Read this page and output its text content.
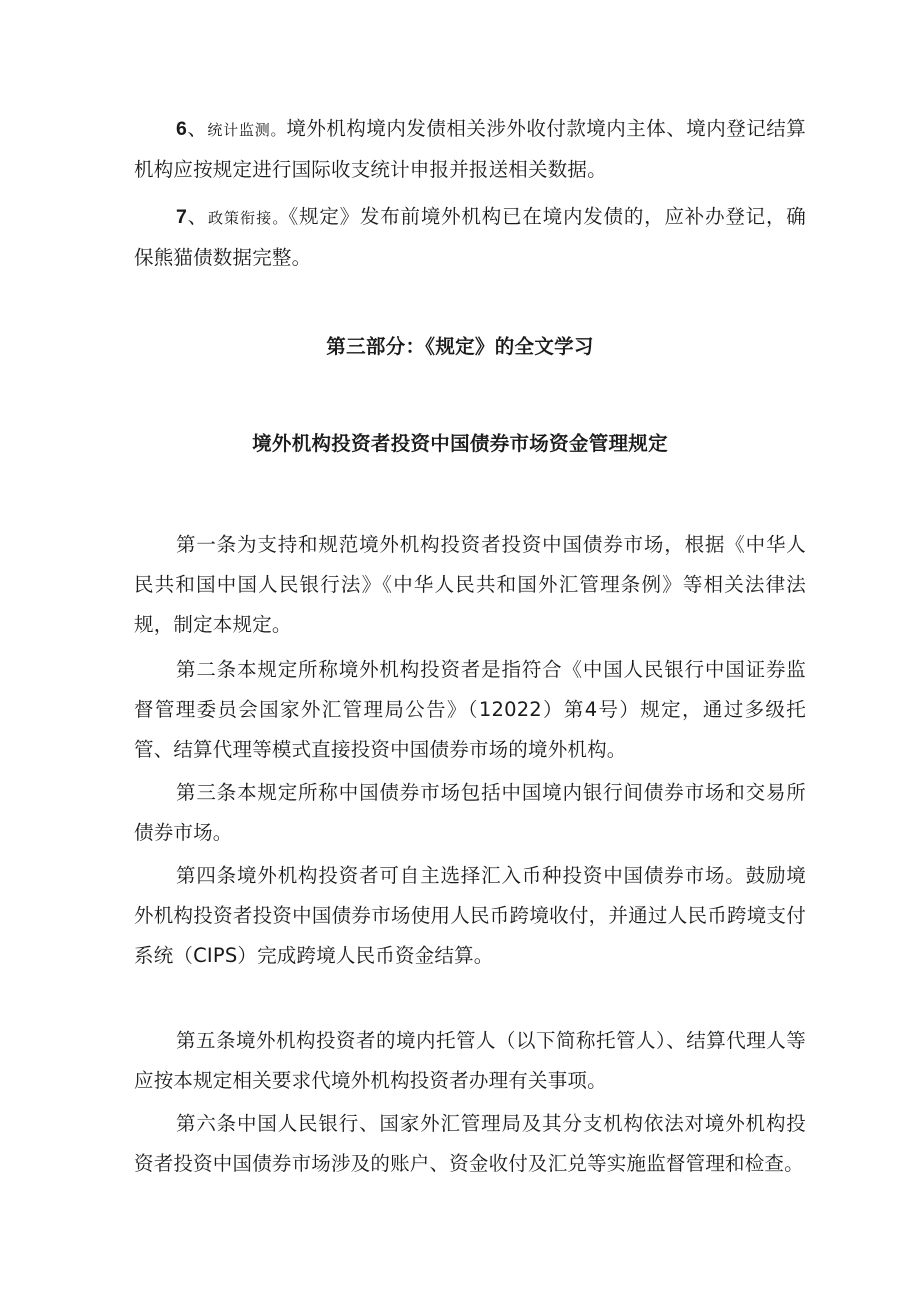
6、统计监测。境外机构境内发债相关涉外收付款境内主体、境内登记结算机构应按规定进行国际收支统计申报并报送相关数据。

7、政策衔接。《规定》发布前境外机构已在境内发债的，应补办登记，确保熊猫债数据完整。

第三部分：《规定》的全文学习
境外机构投资者投资中国债券市场资金管理规定

第一条为支持和规范境外机构投资者投资中国债券市场，根据《中华人民共和国中国人民银行法》《中华人民共和国外汇管理条例》等相关法律法规，制定本规定。

第二条本规定所称境外机构投资者是指符合《中国人民银行中国证券监督管理委员会国家外汇管理局公告》（12022）第4号）规定，通过多级托管、结算代理等模式直接投资中国债券市场的境外机构。

第三条本规定所称中国债券市场包括中国境内银行间债券市场和交易所债券市场。

第四条境外机构投资者可自主选择汇入币种投资中国债券市场。鼓励境外机构投资者投资中国债券市场使用人民币跨境收付，并通过人民币跨境支付系统（CIPS）完成跨境人民币资金结算。

第五条境外机构投资者的境内托管人（以下简称托管人）、结算代理人等应按本规定相关要求代境外机构投资者办理有关事项。

第六条中国人民银行、国家外汇管理局及其分支机构依法对境外机构投资者投资中国债券市场涉及的账户、资金收付及汇兑等实施监督管理和检查。
